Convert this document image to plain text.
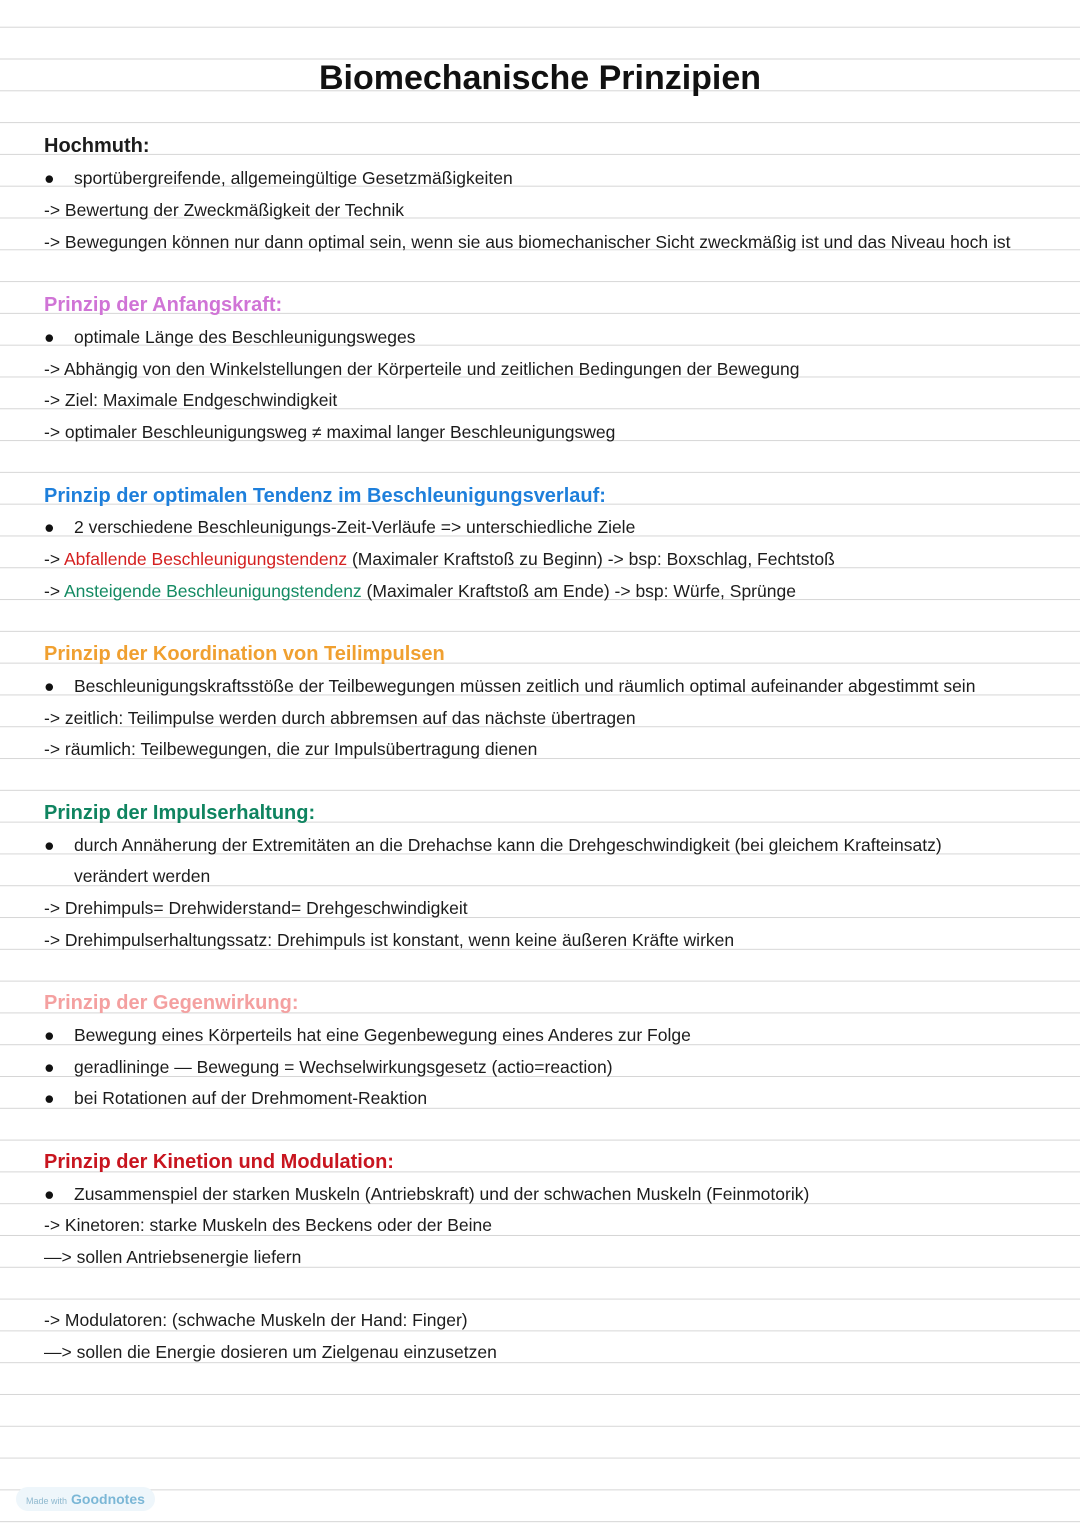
Biomechanische Prinzipien
Hochmuth:
● sportübergreifende, allgemeingültige Gesetzmäßigkeiten
-> Bewertung der Zweckmäßigkeit der Technik
-> Bewegungen können nur dann optimal sein, wenn sie aus biomechanischer Sicht zweckmäßig ist und das Niveau hoch ist
Prinzip der Anfangskraft:
● optimale Länge des Beschleunigungsweges
-> Abhängig von den Winkelstellungen der Körperteile und zeitlichen Bedingungen der Bewegung
-> Ziel: Maximale Endgeschwindigkeit
-> optimaler Beschleunigungsweg ≠ maximal langer Beschleunigungsweg
Prinzip der optimalen Tendenz im Beschleunigungsverlauf:
● 2 verschiedene Beschleunigungs-Zeit-Verläufe => unterschiedliche Ziele
-> Abfallende Beschleunigungstendenz (Maximaler Kraftstoß zu Beginn) -> bsp: Boxschlag, Fechtstoß
-> Ansteigende Beschleunigungstendenz (Maximaler Kraftstoß am Ende) -> bsp: Würfe, Sprünge
Prinzip der Koordination von Teilimpulsen
● Beschleunigungskraftsstöße der Teilbewegungen müssen zeitlich und räumlich optimal aufeinander abgestimmt sein
-> zeitlich: Teilimpulse werden durch abbremsen auf das nächste übertragen
-> räumlich: Teilbewegungen, die zur Impulsübertragung dienen
Prinzip der Impulserhaltung:
● durch Annäherung der Extremitäten an die Drehachse kann die Drehgeschwindigkeit (bei gleichem Krafteinsatz)
verändert werden
-> Drehimpuls= Drehwiderstand= Drehgeschwindigkeit
-> Drehimpulserhaltungssatz: Drehimpuls ist konstant, wenn keine äußeren Kräfte wirken
Prinzip der Gegenwirkung:
● Bewegung eines Körperteils hat eine Gegenbewegung eines Anderes zur Folge
● geradlininge — Bewegung = Wechselwirkungsgesetz (actio=reaction)
● bei Rotationen auf der Drehmoment-Reaktion
Prinzip der Kinetion und Modulation:
● Zusammenspiel der starken Muskeln (Antriebskraft) und der schwachen Muskeln (Feinmotorik)
-> Kinetoren: starke Muskeln des Beckens oder der Beine
—> sollen Antriebsenergie liefern
-> Modulatoren: (schwache Muskeln der Hand: Finger)
—> sollen die Energie dosieren um Zielgenau einzusetzen
Made with Goodnotes
